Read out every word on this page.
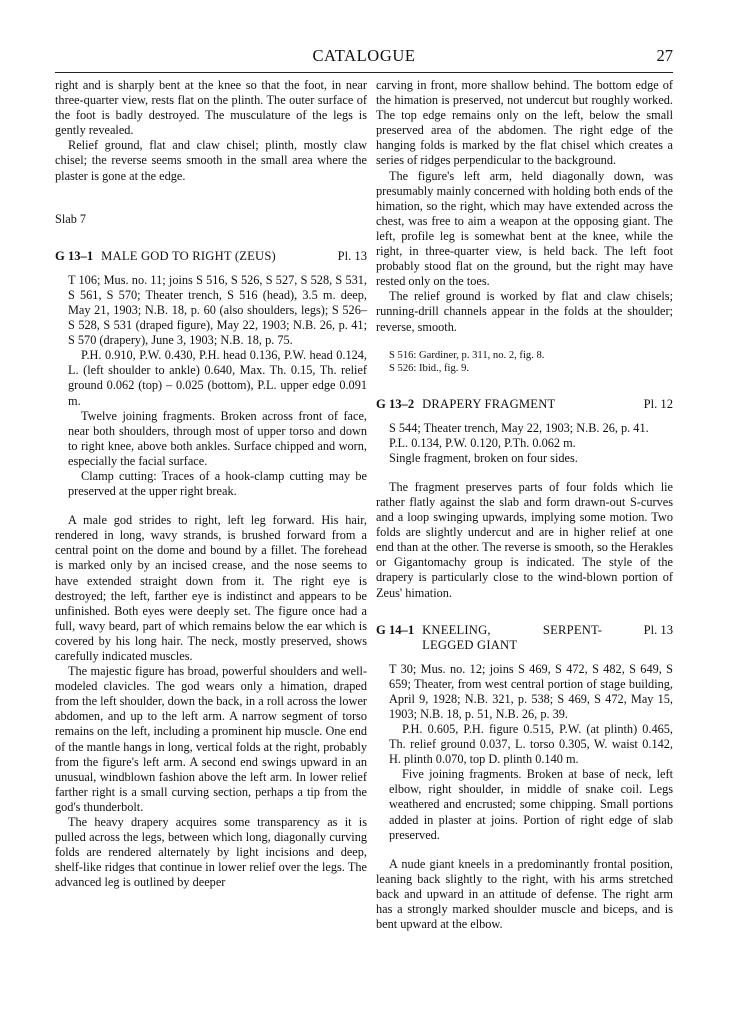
CATALOGUE	27

right and is sharply bent at the knee so that the foot, in near three-quarter view, rests flat on the plinth. The outer surface of the foot is badly destroyed. The musculature of the legs is gently revealed.

Relief ground, flat and claw chisel; plinth, mostly claw chisel; the reverse seems smooth in the small area where the plaster is gone at the edge.

Slab 7

G 13–1 MALE GOD TO RIGHT (ZEUS)	Pl. 13

T 106; Mus. no. 11; joins S 516, S 526, S 527, S 528, S 531, S 561, S 570; Theater trench, S 516 (head), 3.5 m. deep, May 21, 1903; N.B. 18, p. 60 (also shoulders, legs); S 526–S 528, S 531 (draped figure), May 22, 1903; N.B. 26, p. 41; S 570 (drapery), June 3, 1903; N.B. 18, p. 75.

P.H. 0.910, P.W. 0.430, P.H. head 0.136, P.W. head 0.124, L. (left shoulder to ankle) 0.640, Max. Th. 0.15, Th. relief ground 0.062 (top) – 0.025 (bottom), P.L. upper edge 0.091 m.

Twelve joining fragments. Broken across front of face, near both shoulders, through most of upper torso and down to right knee, above both ankles. Surface chipped and worn, especially the facial surface.

Clamp cutting: Traces of a hook-clamp cutting may be preserved at the upper right break.

A male god strides to right, left leg forward. His hair, rendered in long, wavy strands, is brushed forward from a central point on the dome and bound by a fillet. The forehead is marked only by an incised crease, and the nose seems to have extended straight down from it. The right eye is destroyed; the left, farther eye is indistinct and appears to be unfinished. Both eyes were deeply set. The figure once had a full, wavy beard, part of which remains below the ear which is covered by his long hair. The neck, mostly preserved, shows carefully indicated muscles.

The majestic figure has broad, powerful shoulders and well-modeled clavicles. The god wears only a himation, draped from the left shoulder, down the back, in a roll across the lower abdomen, and up to the left arm. A narrow segment of torso remains on the left, including a prominent hip muscle. One end of the mantle hangs in long, vertical folds at the right, probably from the figure's left arm. A second end swings upward in an unusual, windblown fashion above the left arm. In lower relief farther right is a small curving section, perhaps a tip from the god's thunderbolt.

The heavy drapery acquires some transparency as it is pulled across the legs, between which long, diagonally curving folds are rendered alternately by light incisions and deep, shelf-like ridges that continue in lower relief over the legs. The advanced leg is outlined by deeper

carving in front, more shallow behind. The bottom edge of the himation is preserved, not undercut but roughly worked. The top edge remains only on the left, below the small preserved area of the abdomen. The right edge of the hanging folds is marked by the flat chisel which creates a series of ridges perpendicular to the background.

The figure's left arm, held diagonally down, was presumably mainly concerned with holding both ends of the himation, so the right, which may have extended across the chest, was free to aim a weapon at the opposing giant. The left, profile leg is somewhat bent at the knee, while the right, in three-quarter view, is held back. The left foot probably stood flat on the ground, but the right may have rested only on the toes.

The relief ground is worked by flat and claw chisels; running-drill channels appear in the folds at the shoulder; reverse, smooth.

S 516: Gardiner, p. 311, no. 2, fig. 8.

S 526: Ibid., fig. 9.

G 13–2 DRAPERY FRAGMENT	Pl. 12

S 544; Theater trench, May 22, 1903; N.B. 26, p. 41.

P.L. 0.134, P.W. 0.120, P.Th. 0.062 m.

Single fragment, broken on four sides.

The fragment preserves parts of four folds which lie rather flatly against the slab and form drawn-out S-curves and a loop swinging upwards, implying some motion. Two folds are slightly undercut and are in higher relief at one end than at the other. The reverse is smooth, so the Herakles or Gigantomachy group is indicated. The style of the drapery is particularly close to the wind-blown portion of Zeus' himation.

G 14–1 KNEELING, SERPENT-LEGGED GIANT
Pl. 13

T 30; Mus. no. 12; joins S 469, S 472, S 482, S 649, S 659; Theater, from west central portion of stage building, April 9, 1928; N.B. 321, p. 538; S 469, S 472, May 15, 1903; N.B. 18, p. 51, N.B. 26, p. 39.

P.H. 0.605, P.H. figure 0.515, P.W. (at plinth) 0.465, Th. relief ground 0.037, L. torso 0.305, W. waist 0.142, H. plinth 0.070, top D. plinth 0.140 m.

Five joining fragments. Broken at base of neck, left elbow, right shoulder, in middle of snake coil. Legs weathered and encrusted; some chipping. Small portions added in plaster at joins. Portion of right edge of slab preserved.

A nude giant kneels in a predominantly frontal position, leaning back slightly to the right, with his arms stretched back and upward in an attitude of defense. The right arm has a strongly marked shoulder muscle and biceps, and is bent upward at the elbow.
